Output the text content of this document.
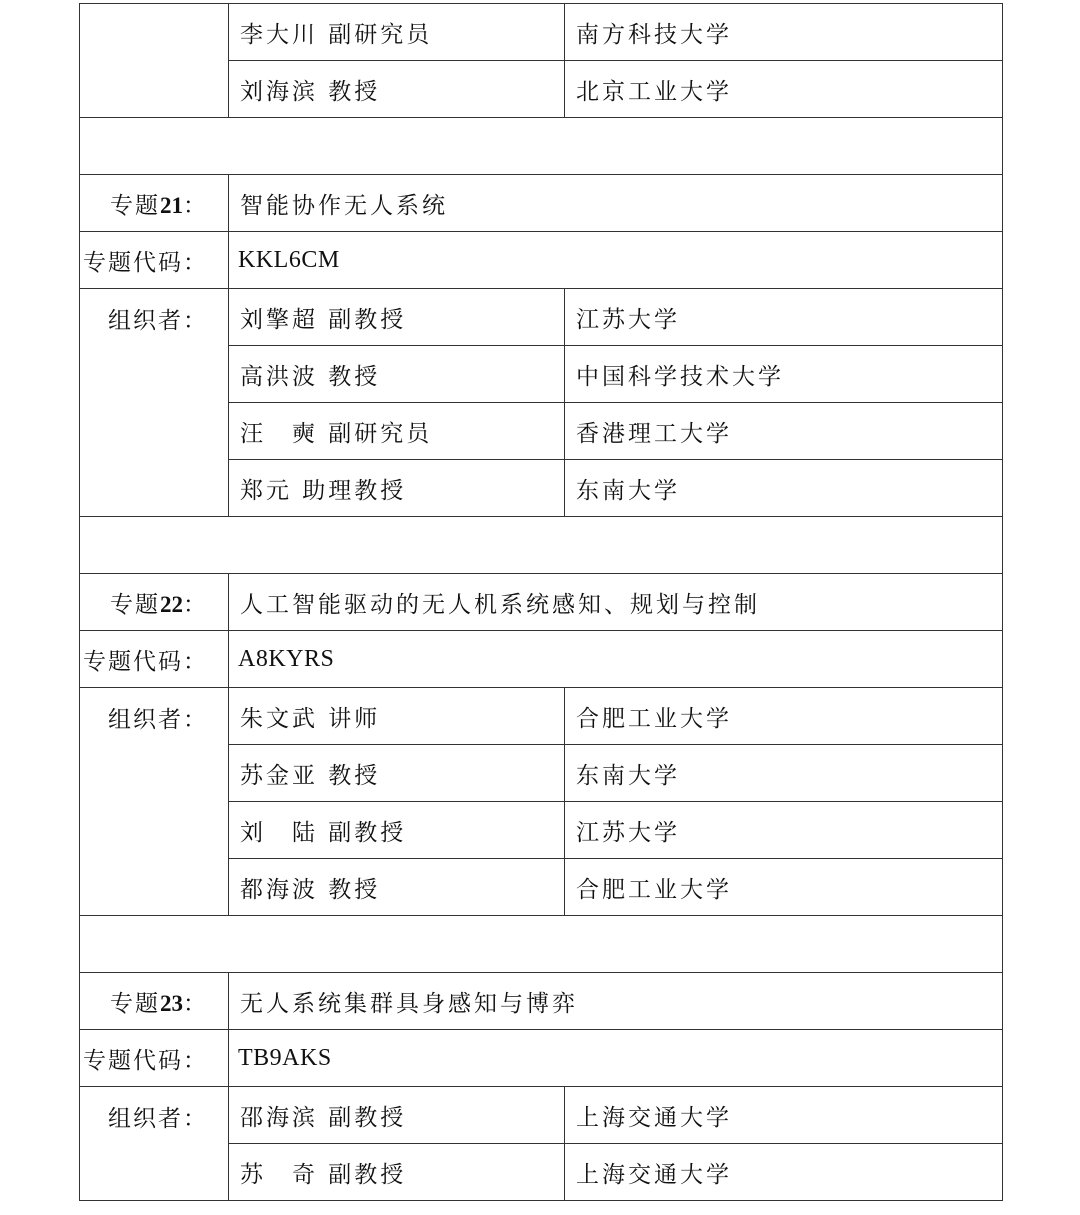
	李大川 副研究员	南方科技大学
	刘海滨 教授	北京工业大学

专题21：	智能协作无人系统	
专题代码：	KKL6CM	
组织者：	刘擎超 副教授	江苏大学
	高洪波 教授	中国科学技术大学
	汪　奭 副研究员	香港理工大学
	郑元 助理教授	东南大学

专题22：	人工智能驱动的无人机系统感知、规划与控制	
专题代码：	A8KYRS	
组织者：	朱文武 讲师	合肥工业大学
	苏金亚 教授	东南大学
	刘　陆 副教授	江苏大学
	都海波 教授	合肥工业大学

专题23：	无人系统集群具身感知与博弈	
专题代码：	TB9AKS	
组织者：	邵海滨 副教授	上海交通大学
	苏　奇 副教授	上海交通大学
